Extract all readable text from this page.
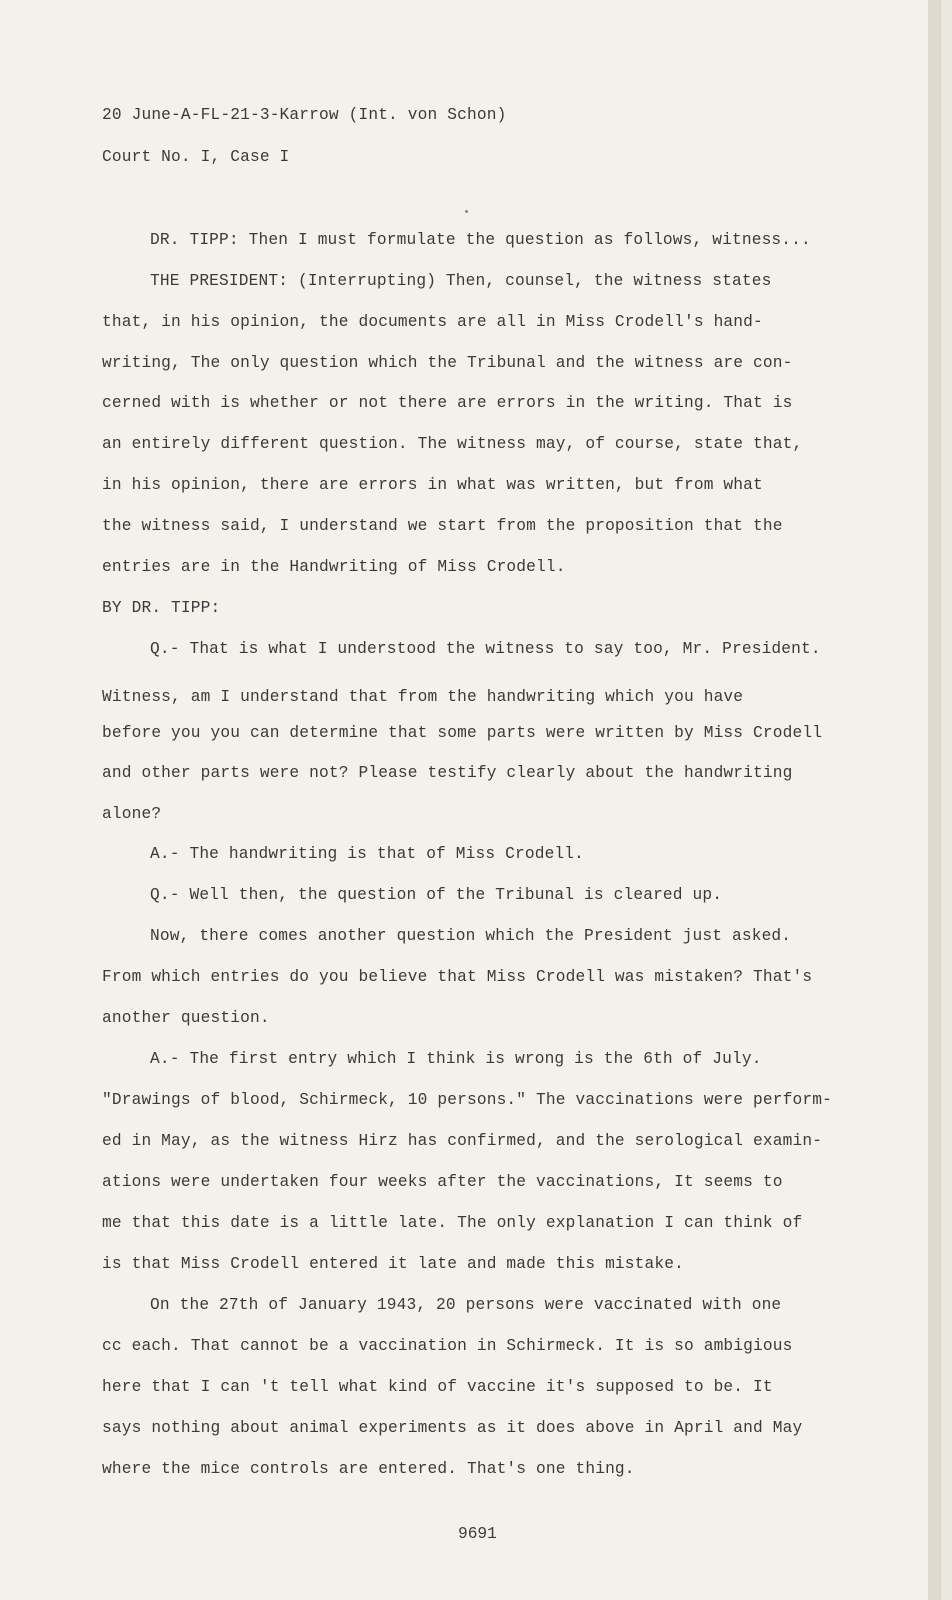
20 June-A-FL-21-3-Karrow (Int. von Schon)

Court No. I, Case I

DR. TIPP: Then I must formulate the question as follows, witness...

THE PRESIDENT: (Interrupting) Then, counsel, the witness states

that, in his opinion, the documents are all in Miss Crodell's hand-

writing, The only question which the Tribunal and the witness are con-

cerned with is whether or not there are errors in the writing. That is

an entirely different question. The witness may, of course, state that,

in his opinion, there are errors in what was written, but from what

the witness said, I understand we start from the proposition that the

entries are in the Handwriting of Miss Crodell.

BY DR. TIPP:

Q.- That is what I understood the witness to say too, Mr. President.

Witness, am I understand that from the handwriting which you have

before you you can determine that some parts were written by Miss Crodell

and other parts were not? Please testify clearly about the handwriting

alone?

A.- The handwriting is that of Miss Crodell.

Q.- Well then, the question of the Tribunal is cleared up.

Now, there comes another question which the President just asked.

From which entries do you believe that Miss Crodell was mistaken? That's

another question.

A.- The first entry which I think is wrong is the 6th of July.

"Drawings of blood, Schirmeck, 10 persons." The vaccinations were perform-

ed in May, as the witness Hirz has confirmed, and the serological examin-

ations were undertaken four weeks after the vaccinations, It seems to

me that this date is a little late. The only explanation I can think of

is that Miss Crodell entered it late and made this mistake.

On the 27th of January 1943, 20 persons were vaccinated with one

cc each. That cannot be a vaccination in Schirmeck. It is so ambigious

here that I can 't tell what kind of vaccine it's supposed to be. It

says nothing about animal experiments as it does above in April and May

where the mice controls are entered. That's one thing.

9691
